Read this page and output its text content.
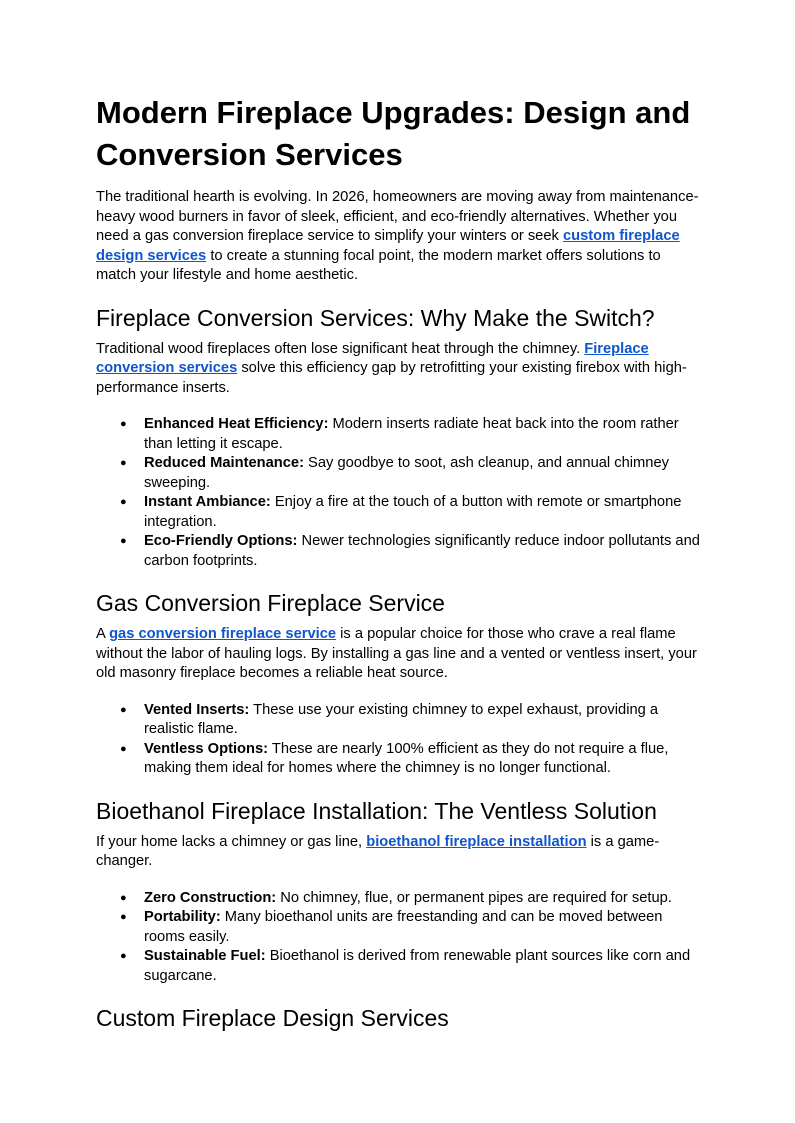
Modern Fireplace Upgrades: Design and
Conversion Services

The traditional hearth is evolving. In 2026, homeowners are moving away from maintenance-heavy wood burners in favor of sleek, efficient, and eco-friendly alternatives. Whether you need a gas conversion fireplace service to simplify your winters or seek custom fireplace design services to create a stunning focal point, the modern market offers solutions to match your lifestyle and home aesthetic.

Fireplace Conversion Services: Why Make the Switch?

Traditional wood fireplaces often lose significant heat through the chimney. Fireplace conversion services solve this efficiency gap by retrofitting your existing firebox with high-performance inserts.

● Enhanced Heat Efficiency: Modern inserts radiate heat back into the room rather than letting it escape.
● Reduced Maintenance: Say goodbye to soot, ash cleanup, and annual chimney sweeping.
● Instant Ambiance: Enjoy a fire at the touch of a button with remote or smartphone integration.
● Eco-Friendly Options: Newer technologies significantly reduce indoor pollutants and carbon footprints.
Gas Conversion Fireplace Service

A gas conversion fireplace service is a popular choice for those who crave a real flame without the labor of hauling logs. By installing a gas line and a vented or ventless insert, your old masonry fireplace becomes a reliable heat source.

● Vented Inserts: These use your existing chimney to expel exhaust, providing a realistic flame.
● Ventless Options: These are nearly 100% efficient as they do not require a flue, making them ideal for homes where the chimney is no longer functional.
Bioethanol Fireplace Installation: The Ventless Solution

If your home lacks a chimney or gas line, bioethanol fireplace installation is a game-changer.

● Zero Construction: No chimney, flue, or permanent pipes are required for setup.
● Portability: Many bioethanol units are freestanding and can be moved between rooms easily.
● Sustainable Fuel: Bioethanol is derived from renewable plant sources like corn and sugarcane.
Custom Fireplace Design Services
